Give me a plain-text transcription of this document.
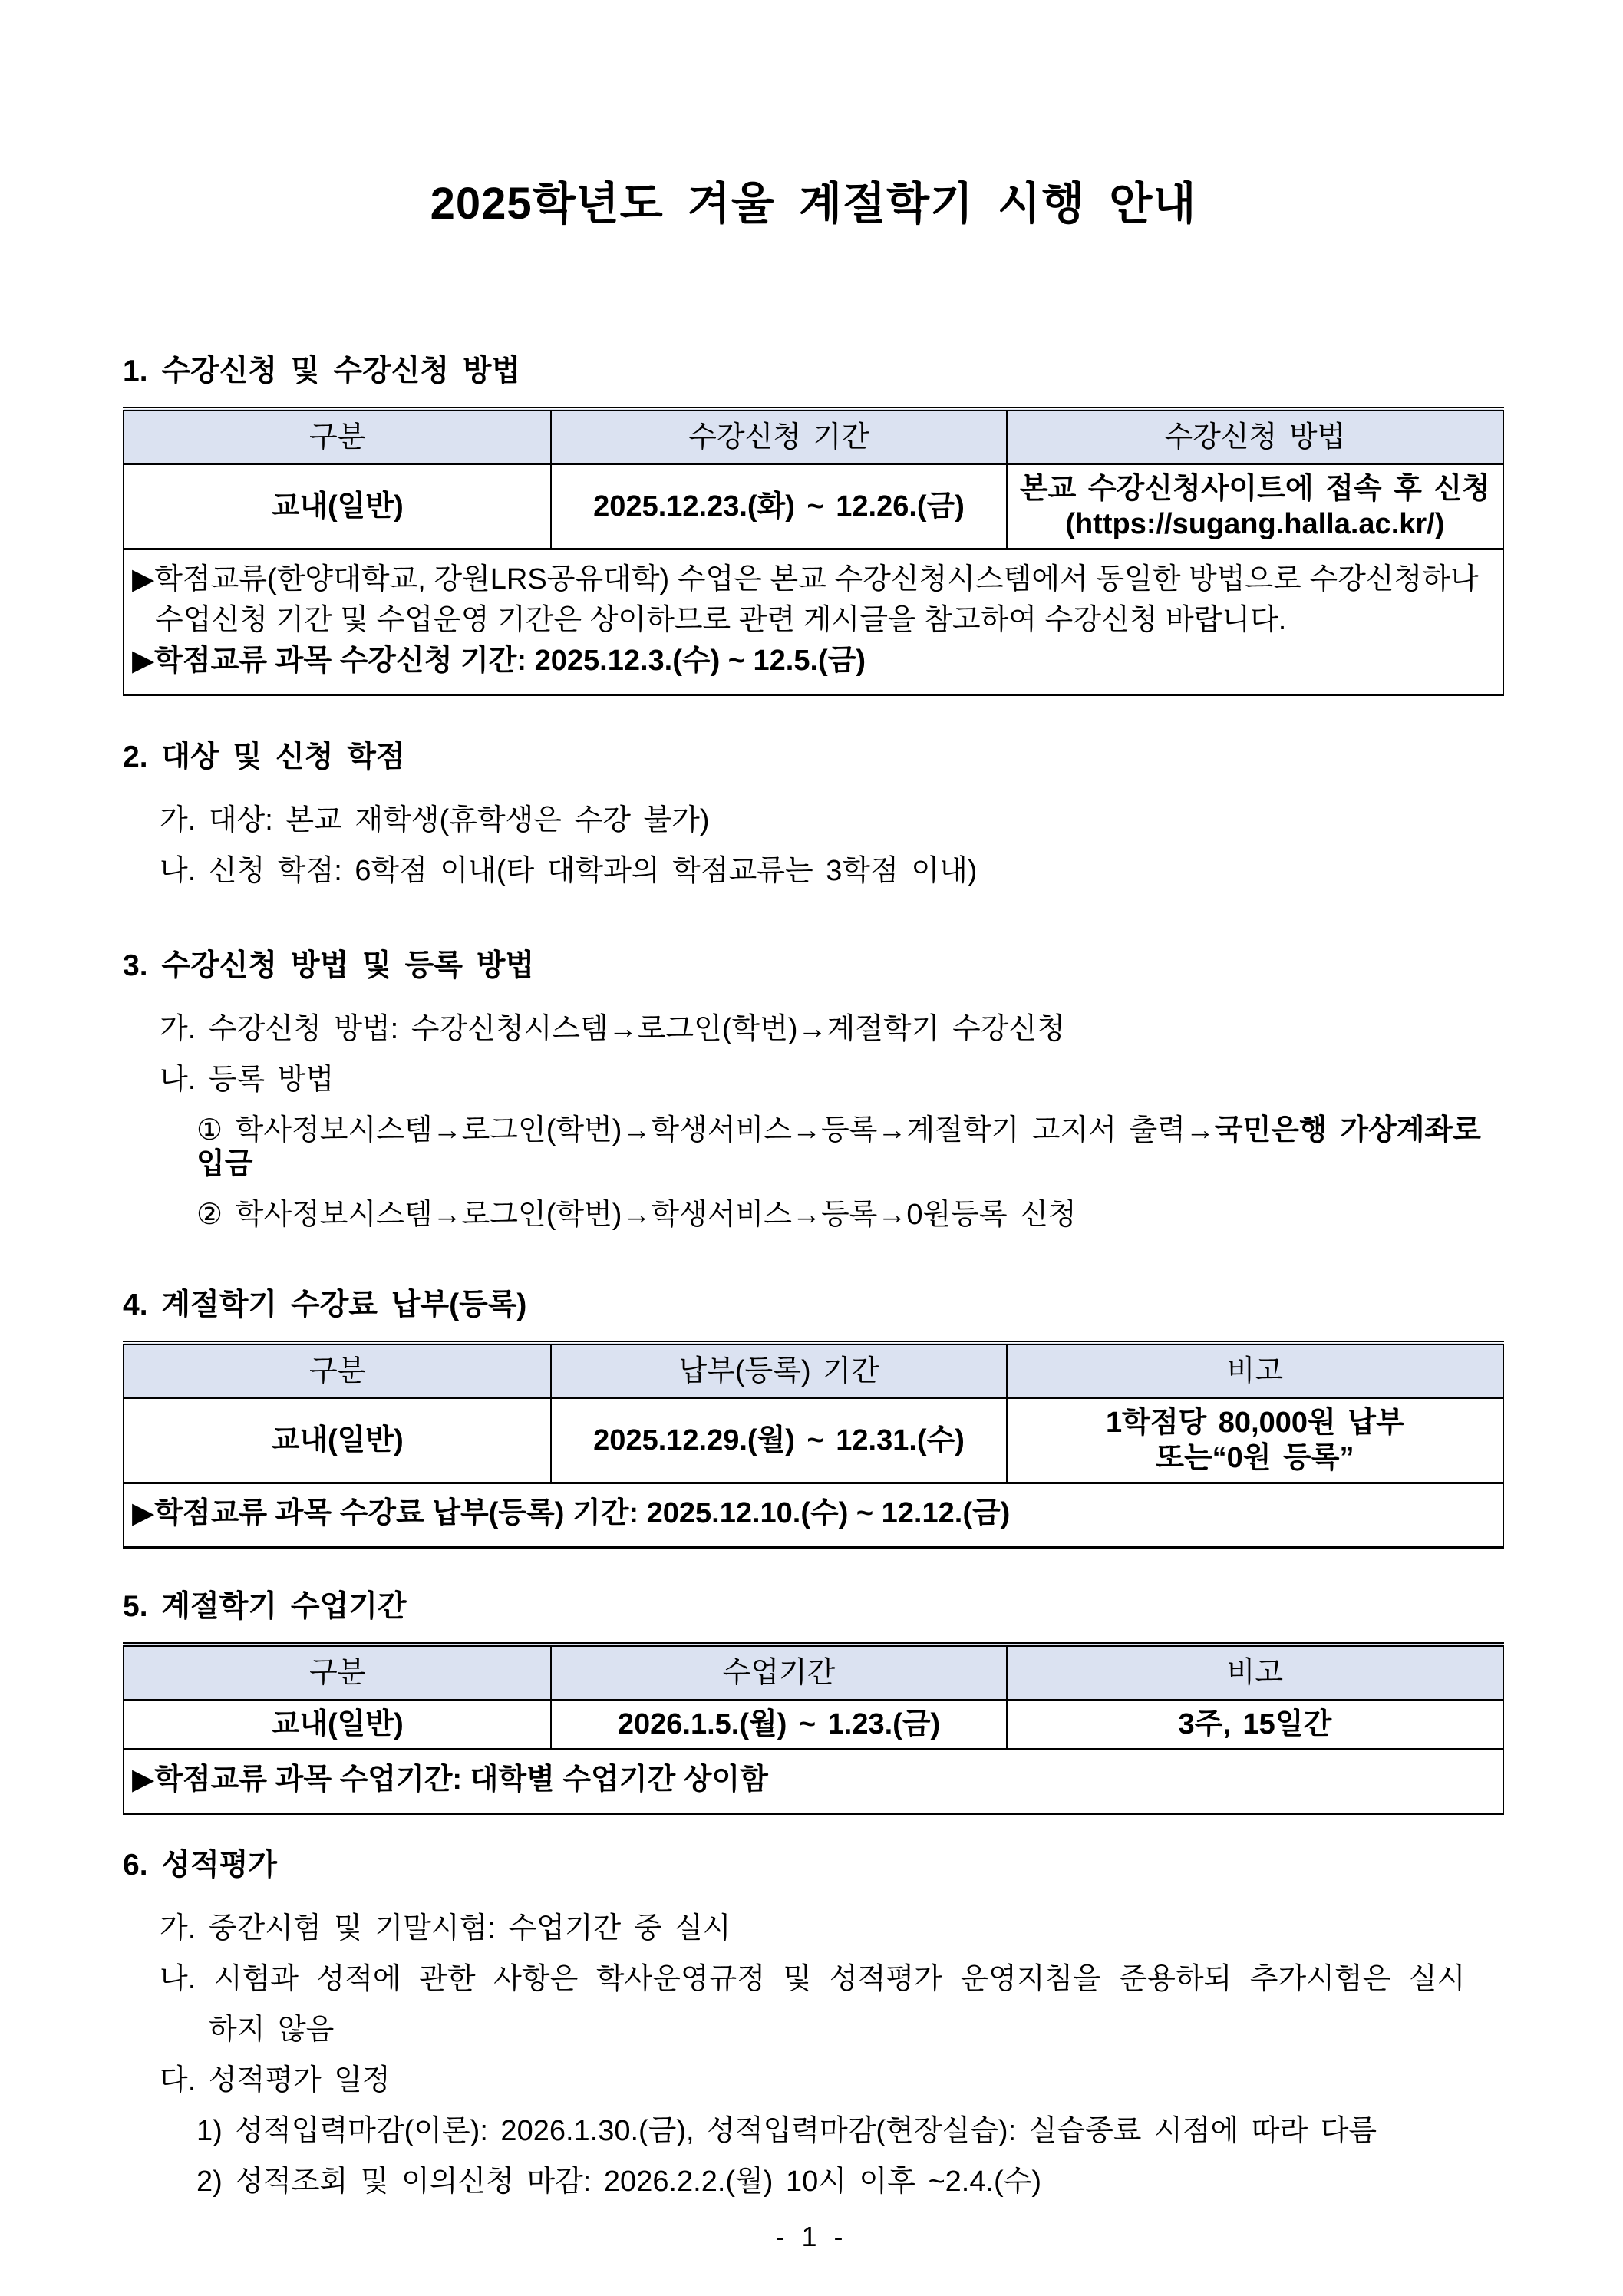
2025학년도 겨울 계절학기 시행 안내
1. 수강신청 및 수강신청 방법
구분	수강신청 기간	수강신청 방법
교내(일반)	2025.12.23.(화) ~ 12.26.(금)	본교 수강신청사이트에 접속 후 신청
(https://sugang.halla.ac.kr/)

▶학점교류(한양대학교, 강원LRS공유대학) 수업은 본교 수강신청시스템에서 동일한 방법으로 수강신청하나
수업신청 기간 및 수업운영 기간은 상이하므로 관련 게시글을 참고하여 수강신청 바랍니다.
▶학점교류 과목 수강신청 기간: 2025.12.3.(수) ~ 12.5.(금)		
2. 대상 및 신청 학점
가. 대상: 본교 재학생(휴학생은 수강 불가)
나. 신청 학점: 6학점 이내(타 대학과의 학점교류는 3학점 이내)
3. 수강신청 방법 및 등록 방법
가. 수강신청 방법: 수강신청시스템→로그인(학번)→계절학기 수강신청
나. 등록 방법
① 학사정보시스템→로그인(학번)→학생서비스→등록→계절학기 고지서 출력→국민은행 가상계좌로 입금
② 학사정보시스템→로그인(학번)→학생서비스→등록→0원등록 신청
4. 계절학기 수강료 납부(등록)
구분	납부(등록) 기간	비고
교내(일반)	2025.12.29.(월) ~ 12.31.(수)	1학점당 80,000원 납부
또는“0원 등록”

▶학점교류 과목 수강료 납부(등록) 기간: 2025.12.10.(수) ~ 12.12.(금)		
5. 계절학기 수업기간
구분	수업기간	비고
교내(일반)	2026.1.5.(월) ~ 1.23.(금)	3주, 15일간

▶학점교류 과목 수업기간: 대학별 수업기간 상이함		
6. 성적평가
가. 중간시험 및 기말시험: 수업기간 중 실시
나. 시험과 성적에 관한 사항은 학사운영규정 및 성적평가 운영지침을 준용하되 추가시험은 실시
하지 않음
다. 성적평가 일정
1) 성적입력마감(이론): 2026.1.30.(금), 성적입력마감(현장실습): 실습종료 시점에 따라 다름
2) 성적조회 및 이의신청 마감: 2026.2.2.(월) 10시 이후 ~2.4.(수)
- 1 -
